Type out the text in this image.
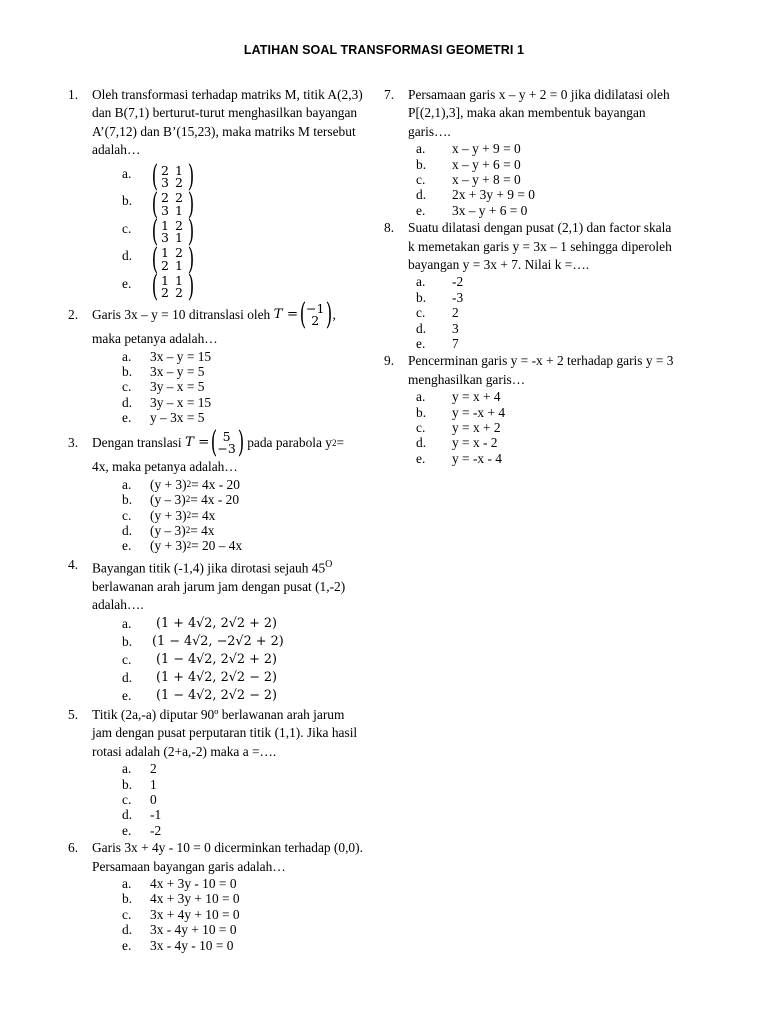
LATIHAN SOAL TRANSFORMASI GEOMETRI 1
1.	Oleh transformasi terhadap matriks M, titik A(2,3) dan B(7,1) berturut-turut menghasilkan bayangan A’(7,12) dan B’(15,23), maka matriks M tersebut adalah…
a. ( 2 1
3 2 )
b. ( 2 2
3 1 )
c. ( 1 2
3 1 )
d. ( 1 2
2 1 )
e. ( 1 1
2 2 )
2.	Garis 3x – y = 10 ditranslasi oleh
T = ( −1
2 ) ,
maka petanya adalah…
a.	3x – y = 15
b.	3x – y = 5
c.	3y – x = 5
d.	3y – x = 15
e.	y – 3x = 5
3.	Dengan translasi
T = ( 5
−3 )
pada parabola y 2 =
4x, maka petanya adalah…
a.	(y + 3) 2 = 4x - 20
b.	(y – 3) 2 = 4x - 20
c.	(y + 3) 2 = 4x
d.	(y – 3) 2 = 4x
e.	(y + 3) 2 = 20 – 4x
4.	Bayangan titik (-1,4) jika dirotasi sejauh $45^O$ berlawanan arah jarum jam dengan pusat (1,-2) adalah….
a.	(1 + 4√2, 2√2 + 2)
b.	(1 − 4√2, −2√2 + 2)
c.	(1 − 4√2, 2√2 + 2)
d.	(1 + 4√2, 2√2 − 2)
e.	(1 − 4√2, 2√2 − 2)
5.	Titik (2a,-a) diputar 90º berlawanan arah jarum jam dengan pusat perputaran titik (1,1). Jika hasil rotasi adalah (2+a,-2) maka a =….
a.	2
b.	1
c.	0
d.	-1
e.	-2
6.	Garis 3x + 4y - 10 = 0 dicerminkan terhadap (0,0). Persamaan bayangan garis adalah…
a.	4x + 3y - 10 = 0
b.	4x + 3y + 10 = 0
c.	3x + 4y + 10 = 0
d.	3x - 4y + 10 = 0
e.	3x - 4y - 10 = 0
7.	Persamaan garis x – y + 2 = 0 jika didilatasi oleh P[(2,1),3], maka akan membentuk bayangan garis….
a.	x – y + 9 = 0
b.	x – y + 6 = 0
c.	x – y + 8 = 0
d.	2x + 3y + 9 = 0
e.	3x – y + 6 = 0
8.	Suatu dilatasi dengan pusat (2,1) dan factor skala k memetakan garis y = 3x – 1 sehingga diperoleh bayangan y = 3x + 7. Nilai k =….
a.	-2
b.	-3
c.	2
d.	3
e.	7
9.	Pencerminan garis y = -x + 2 terhadap garis y = 3 menghasilkan garis…
a.	y = x + 4
b.	y = -x + 4
c.	y = x + 2
d.	y = x - 2
e.	y = -x - 4
